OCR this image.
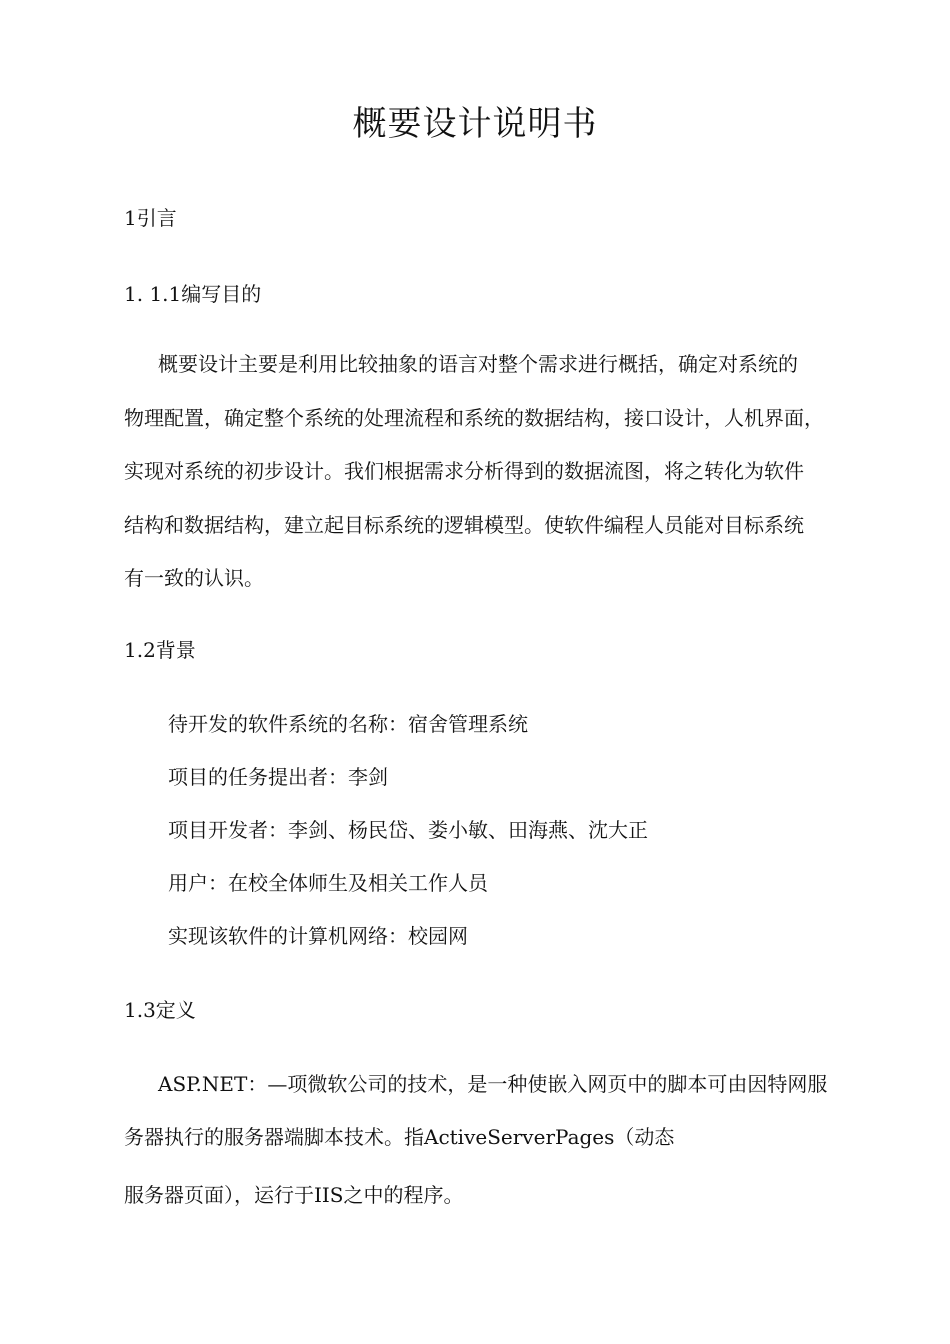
概要设计说明书
1引言
1. 1.1编写目的
概要设计主要是利用比较抽象的语言对整个需求进行概括，确定对系统的
物理配置，确定整个系统的处理流程和系统的数据结构，接口设计，人机界面，
实现对系统的初步设计。我们根据需求分析得到的数据流图，将之转化为软件
结构和数据结构，建立起目标系统的逻辑模型。使软件编程人员能对目标系统
有一致的认识。
1.2背景
待开发的软件系统的名称：宿舍管理系统
项目的任务提出者：李剑
项目开发者：李剑、杨民岱、娄小敏、田海燕、沈大正
用户：在校全体师生及相关工作人员
实现该软件的计算机网络：校园网
1.3定义
ASP.NET：—项微软公司的技术，是一种使嵌入网页中的脚本可由因特网服
务器执行的服务器端脚本技术。指ActiveServerPages（动态
服务器页面），运行于IIS之中的程序。
